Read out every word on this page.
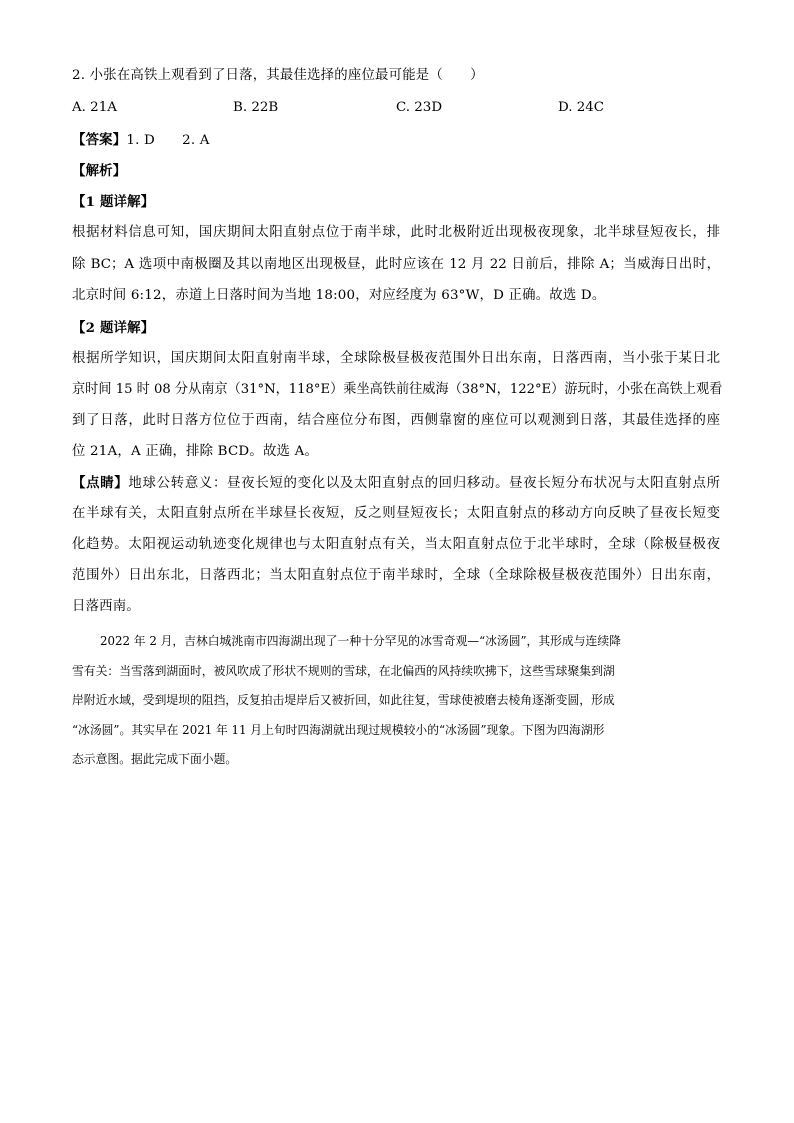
2. 小张在高铁上观看到了日落，其最佳选择的座位最可能是（　　）
A. 21A	B. 22B	C. 23D	D. 24C
【答案】1. D　　2. A
【解析】
【1 题详解】
根据材料信息可知，国庆期间太阳直射点位于南半球，此时北极附近出现极夜现象，北半球昼短夜长，排
除 BC；A 选项中南极圈及其以南地区出现极昼，此时应该在 12 月 22 日前后，排除 A；当威海日出时，
北京时间 6:12，赤道上日落时间为当地 18:00，对应经度为 63°W，D 正确。故选 D。
【2 题详解】
根据所学知识，国庆期间太阳直射南半球，全球除极昼极夜范围外日出东南，日落西南，当小张于某日北
京时间 15 时 08 分从南京（31°N，118°E）乘坐高铁前往威海（38°N，122°E）游玩时，小张在高铁上观看
到了日落，此时日落方位位于西南，结合座位分布图，西侧靠窗的座位可以观测到日落，其最佳选择的座
位 21A，A 正确，排除 BCD。故选 A。
【点睛】地球公转意义：昼夜长短的变化以及太阳直射点的回归移动。昼夜长短分布状况与太阳直射点所
在半球有关，太阳直射点所在半球昼长夜短，反之则昼短夜长；太阳直射点的移动方向反映了昼夜长短变
化趋势。太阳视运动轨迹变化规律也与太阳直射点有关，当太阳直射点位于北半球时，全球（除极昼极夜
范围外）日出东北，日落西北；当太阳直射点位于南半球时，全球（全球除极昼极夜范围外）日出东南，
日落西南。
2022 年 2 月，吉林白城洮南市四海湖出现了一种十分罕见的冰雪奇观—“冰汤圆”，其形成与连续降
雪有关：当雪落到湖面时，被风吹成了形状不规则的雪球，在北偏西的风持续吹拂下，这些雪球聚集到湖
岸附近水域，受到堤坝的阻挡，反复拍击堤岸后又被折回，如此往复，雪球使被磨去棱角逐渐变圆，形成
“冰汤圆”。其实早在 2021 年 11 月上旬时四海湖就出现过规模较小的“冰汤圆”现象。下图为四海湖形
态示意图。据此完成下面小题。
